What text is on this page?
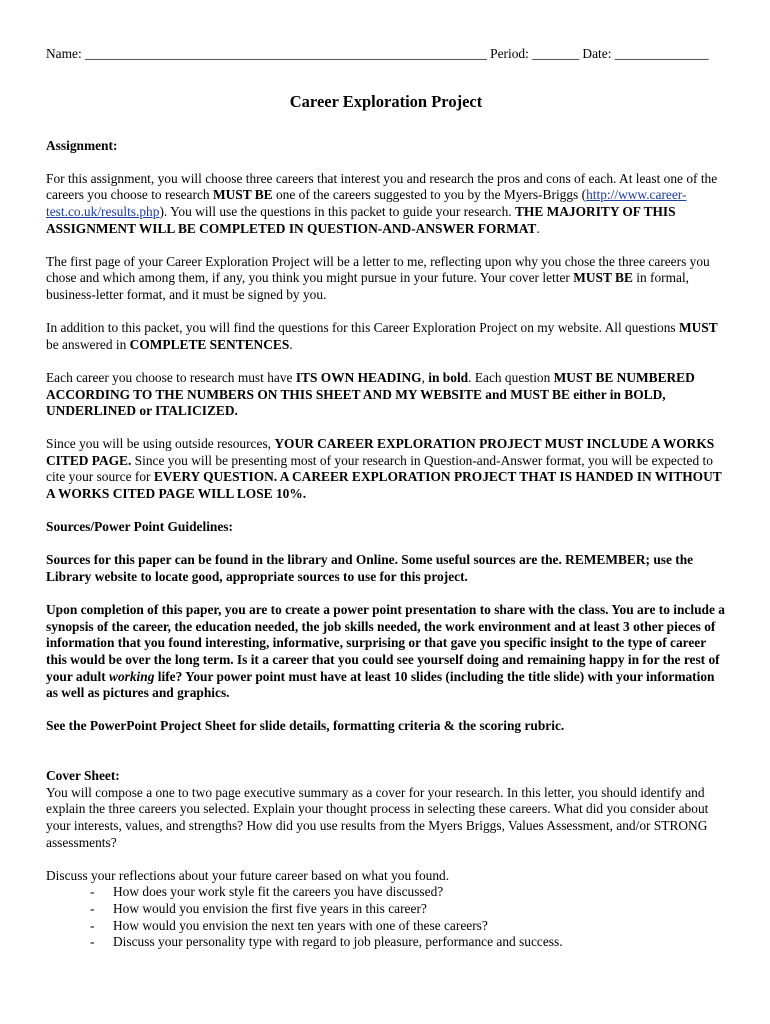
Name: ____________________________________________________________ Period: _______ Date: ______________

Career Exploration Project

Assignment:

For this assignment, you will choose three careers that interest you and research the pros and cons of each. At least one of the careers you choose to research MUST BE one of the careers suggested to you by the Myers-Briggs (http://www.career-test.co.uk/results.php). You will use the questions in this packet to guide your research. THE MAJORITY OF THIS ASSIGNMENT WILL BE COMPLETED IN QUESTION-AND-ANSWER FORMAT.

The first page of your Career Exploration Project will be a letter to me, reflecting upon why you chose the three careers you chose and which among them, if any, you think you might pursue in your future. Your cover letter MUST BE in formal, business-letter format, and it must be signed by you.

In addition to this packet, you will find the questions for this Career Exploration Project on my website. All questions MUST be answered in COMPLETE SENTENCES.

Each career you choose to research must have ITS OWN HEADING, in bold. Each question MUST BE NUMBERED ACCORDING TO THE NUMBERS ON THIS SHEET AND MY WEBSITE and MUST BE either in BOLD, UNDERLINED or ITALICIZED.

Since you will be using outside resources, YOUR CAREER EXPLORATION PROJECT MUST INCLUDE A WORKS CITED PAGE. Since you will be presenting most of your research in Question-and-Answer format, you will be expected to cite your source for EVERY QUESTION. A CAREER EXPLORATION PROJECT THAT IS HANDED IN WITHOUT A WORKS CITED PAGE WILL LOSE 10%.

Sources/Power Point Guidelines:

Sources for this paper can be found in the library and Online. Some useful sources are the. REMEMBER; use the Library website to locate good, appropriate sources to use for this project.

Upon completion of this paper, you are to create a power point presentation to share with the class. You are to include a synopsis of the career, the education needed, the job skills needed, the work environment and at least 3 other pieces of information that you found interesting, informative, surprising or that gave you specific insight to the type of career this would be over the long term. Is it a career that you could see yourself doing and remaining happy in for the rest of your adult working life? Your power point must have at least 10 slides (including the title slide) with your information as well as pictures and graphics.

See the PowerPoint Project Sheet for slide details, formatting criteria & the scoring rubric.

Cover Sheet:

You will compose a one to two page executive summary as a cover for your research. In this letter, you should identify and explain the three careers you selected. Explain your thought process in selecting these careers. What did you consider about your interests, values, and strengths? How did you use results from the Myers Briggs, Values Assessment, and/or STRONG assessments?

Discuss your reflections about your future career based on what you found.

- How does your work style fit the careers you have discussed?
- How would you envision the first five years in this career?
- How would you envision the next ten years with one of these careers?
- Discuss your personality type with regard to job pleasure, performance and success.
